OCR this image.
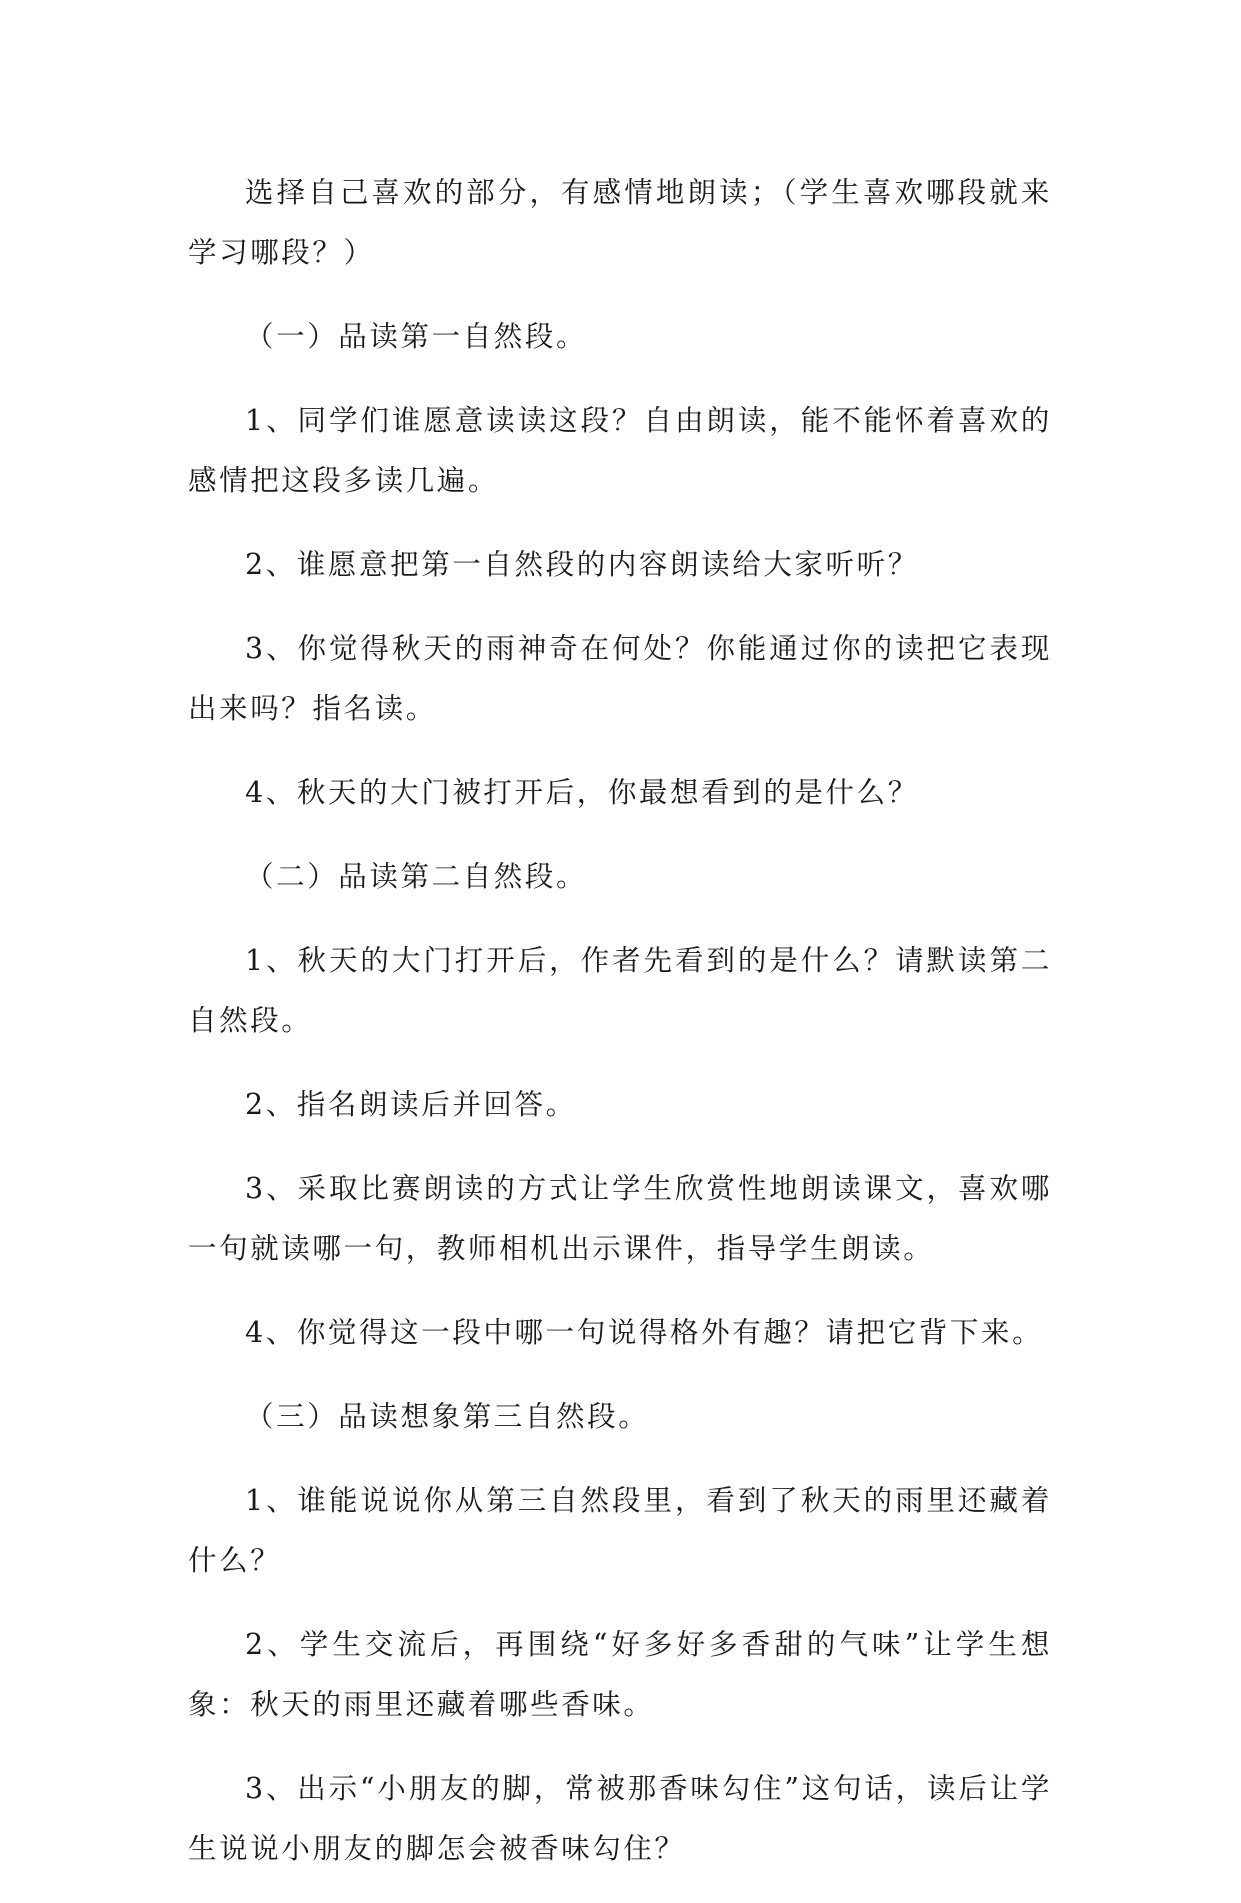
选择自己喜欢的部分，有感情地朗读；（学生喜欢哪段就来学习哪段？）

（一）品读第一自然段。

1、同学们谁愿意读读这段？自由朗读，能不能怀着喜欢的感情把这段多读几遍。

2、谁愿意把第一自然段的内容朗读给大家听听？

3、你觉得秋天的雨神奇在何处？你能通过你的读把它表现出来吗？指名读。

4、秋天的大门被打开后，你最想看到的是什么？

（二）品读第二自然段。

1、秋天的大门打开后，作者先看到的是什么？请默读第二自然段。

2、指名朗读后并回答。

3、采取比赛朗读的方式让学生欣赏性地朗读课文，喜欢哪一句就读哪一句，教师相机出示课件，指导学生朗读。

4、你觉得这一段中哪一句说得格外有趣？请把它背下来。

（三）品读想象第三自然段。

1、谁能说说你从第三自然段里，看到了秋天的雨里还藏着什么？

2、学生交流后，再围绕“好多好多香甜的气味”让学生想象：秋天的雨里还藏着哪些香味。

3、出示“小朋友的脚，常被那香味勾住”这句话，读后让学生说说小朋友的脚怎会被香味勾住？
